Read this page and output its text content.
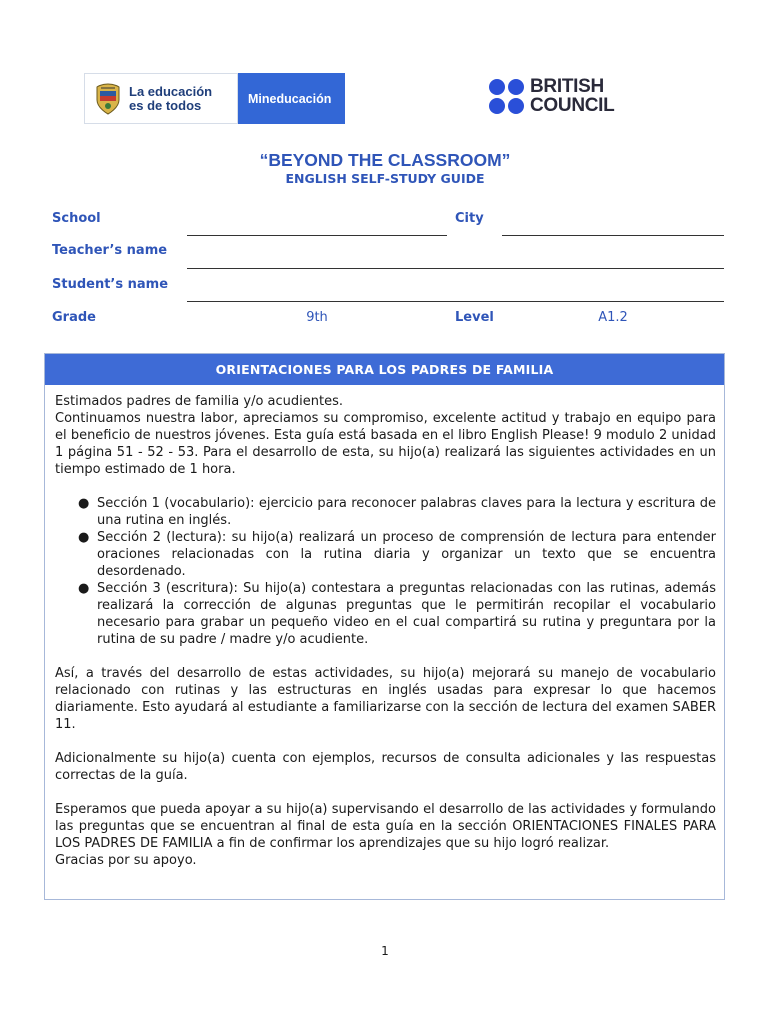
La educación
es de todos	Mineducación
BRITISH
COUNCIL
“BEYOND THE CLASSROOM”
ENGLISH SELF-STUDY GUIDE
School	City
Teacher’s name
Student’s name
Grade	9th	Level	A1.2
ORIENTACIONES PARA LOS PADRES DE FAMILIA

Estimados padres de familia y/o acudientes.

Continuamos nuestra labor, apreciamos su compromiso, excelente actitud y trabajo en equipo para el beneficio de nuestros jóvenes. Esta guía está basada en el libro English Please! 9 modulo 2 unidad 1 página 51 - 52 - 53. Para el desarrollo de esta, su hijo(a) realizará las siguientes actividades en un tiempo estimado de 1 hora.

● Sección 1 (vocabulario): ejercicio para reconocer palabras claves para la lectura y escritura de una rutina en inglés.
● Sección 2 (lectura): su hijo(a) realizará un proceso de comprensión de lectura para entender oraciones relacionadas con la rutina diaria y organizar un texto que se encuentra desordenado.
● Sección 3 (escritura): Su hijo(a) contestara a preguntas relacionadas con las rutinas, además realizará la corrección de algunas preguntas que le permitirán recopilar el vocabulario necesario para grabar un pequeño video en el cual compartirá su rutina y preguntara por la rutina de su padre / madre y/o acudiente.

Así, a través del desarrollo de estas actividades, su hijo(a) mejorará su manejo de vocabulario relacionado con rutinas y las estructuras en inglés usadas para expresar lo que hacemos diariamente. Esto ayudará al estudiante a familiarizarse con la sección de lectura del examen SABER 11.

Adicionalmente su hijo(a) cuenta con ejemplos, recursos de consulta adicionales y las respuestas correctas de la guía.

Esperamos que pueda apoyar a su hijo(a) supervisando el desarrollo de las actividades y formulando las preguntas que se encuentran al final de esta guía en la sección ORIENTACIONES FINALES PARA LOS PADRES DE FAMILIA a fin de confirmar los aprendizajes que su hijo logró realizar.

Gracias por su apoyo.

1
